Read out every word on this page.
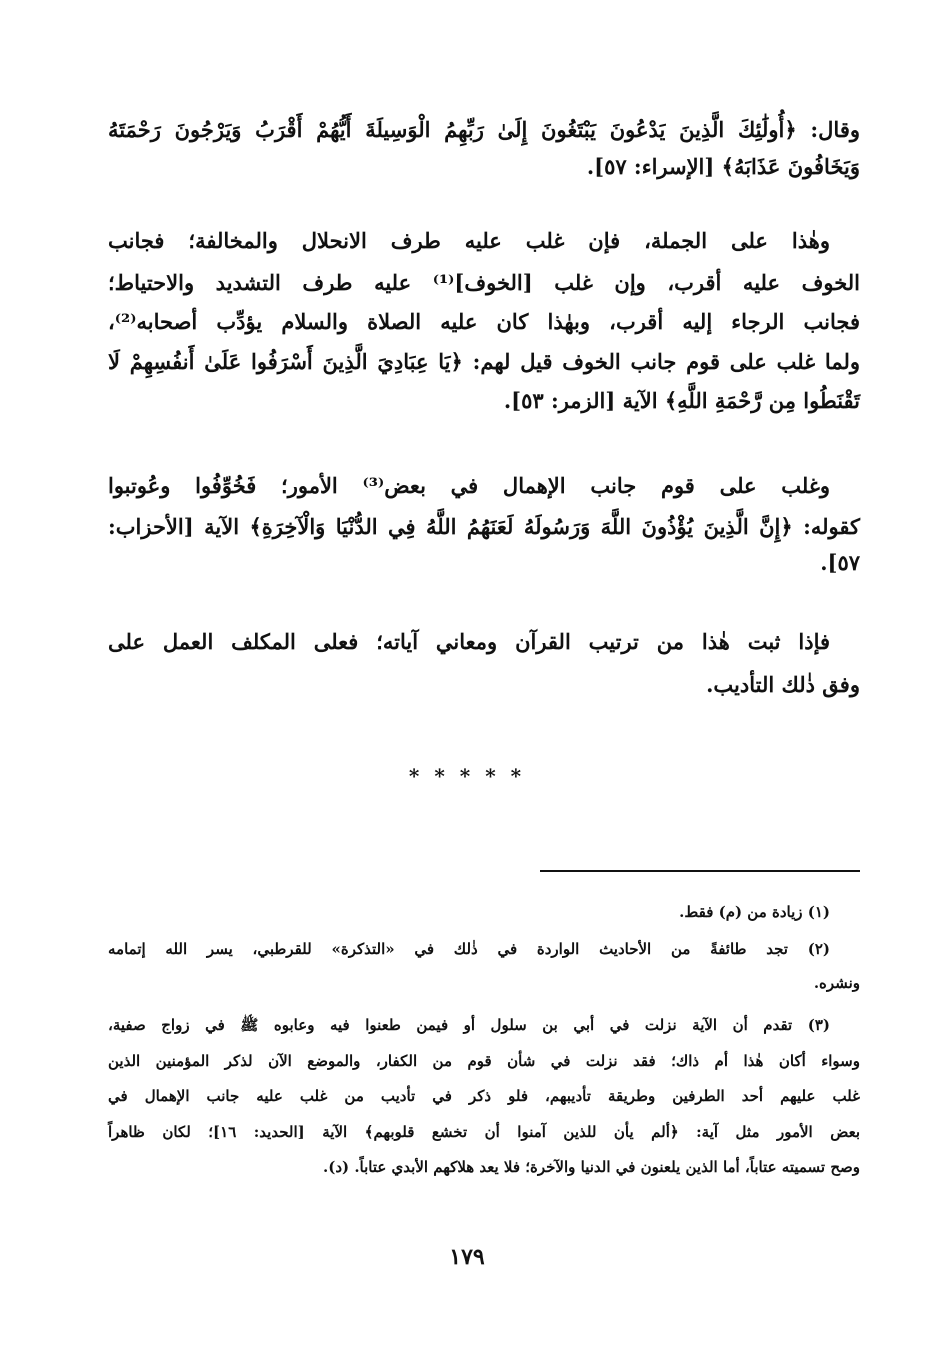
وقال: ﴿أُولَٰئِكَ الَّذِينَ يَدْعُونَ يَبْتَغُونَ إِلَىٰ رَبِّهِمُ الْوَسِيلَةَ أَيُّهُمْ أَقْرَبُ وَيَرْجُونَ رَحْمَتَهُ
وَيَخَافُونَ عَذَابَهُ﴾ [الإسراء: ٥٧].
وهٰذا على الجملة، فإن غلب عليه طرف الانحلال والمخالفة؛ فجانب
الخوف عليه أقرب، وإن غلب [الخوف]⁽¹⁾ عليه طرف التشديد والاحتياط؛
فجانب الرجاء إليه أقرب، وبهٰذا كان عليه الصلاة والسلام يؤدِّب أصحابه⁽²⁾،
ولما غلب على قوم جانب الخوف قيل لهم: ﴿يَا عِبَادِيَ الَّذِينَ أَسْرَفُوا عَلَىٰ أَنفُسِهِمْ لَا
تَقْنَطُوا مِن رَّحْمَةِ اللَّهِ﴾ الآية [الزمر: ٥٣].
وغلب على قوم جانب الإهمال في بعض⁽³⁾ الأمور؛ فَخُوِّفُوا وعُوتبوا
كقوله: ﴿إِنَّ الَّذِينَ يُؤْذُونَ اللَّهَ وَرَسُولَهُ لَعَنَهُمُ اللَّهُ فِي الدُّنْيَا وَالْآخِرَةِ﴾ الآية [الأحزاب:
٥٧].
فإذا ثبت هٰذا من ترتيب القرآن ومعاني آياته؛ فعلى المكلف العمل على
وفق ذٰلك التأديب.
* * * * *
(١) زيادة من (م) فقط.
(٢) تجد طائفةً من الأحاديث الواردة في ذٰلك في «التذكرة» للقرطبي، يسر الله إتمامه
ونشره.
(٣) تقدم أن الآية نزلت في أبي بن سلول أو فيمن طعنوا فيه وعابوه ﷺ في زواج صفية،
وسواء أكان هٰذا أم ذاك؛ فقد نزلت في شأن قوم من الكفار، والموضع الآن لذكر المؤمنين الذين
غلب عليهم أحد الطرفين وطريقة تأديبهم، فلو ذكر في تأديب من غلب عليه جانب الإهمال في
بعض الأمور مثل آية: ﴿ألم يأن للذين آمنوا أن تخشع قلوبهم﴾ الآية [الحديد: ١٦]؛ لكان ظاهراً
وصح تسميته عتاباً، أما الذين يلعنون في الدنيا والآخرة؛ فلا يعد هلاكهم الأبدي عتاباً. (د).
١٧٩
